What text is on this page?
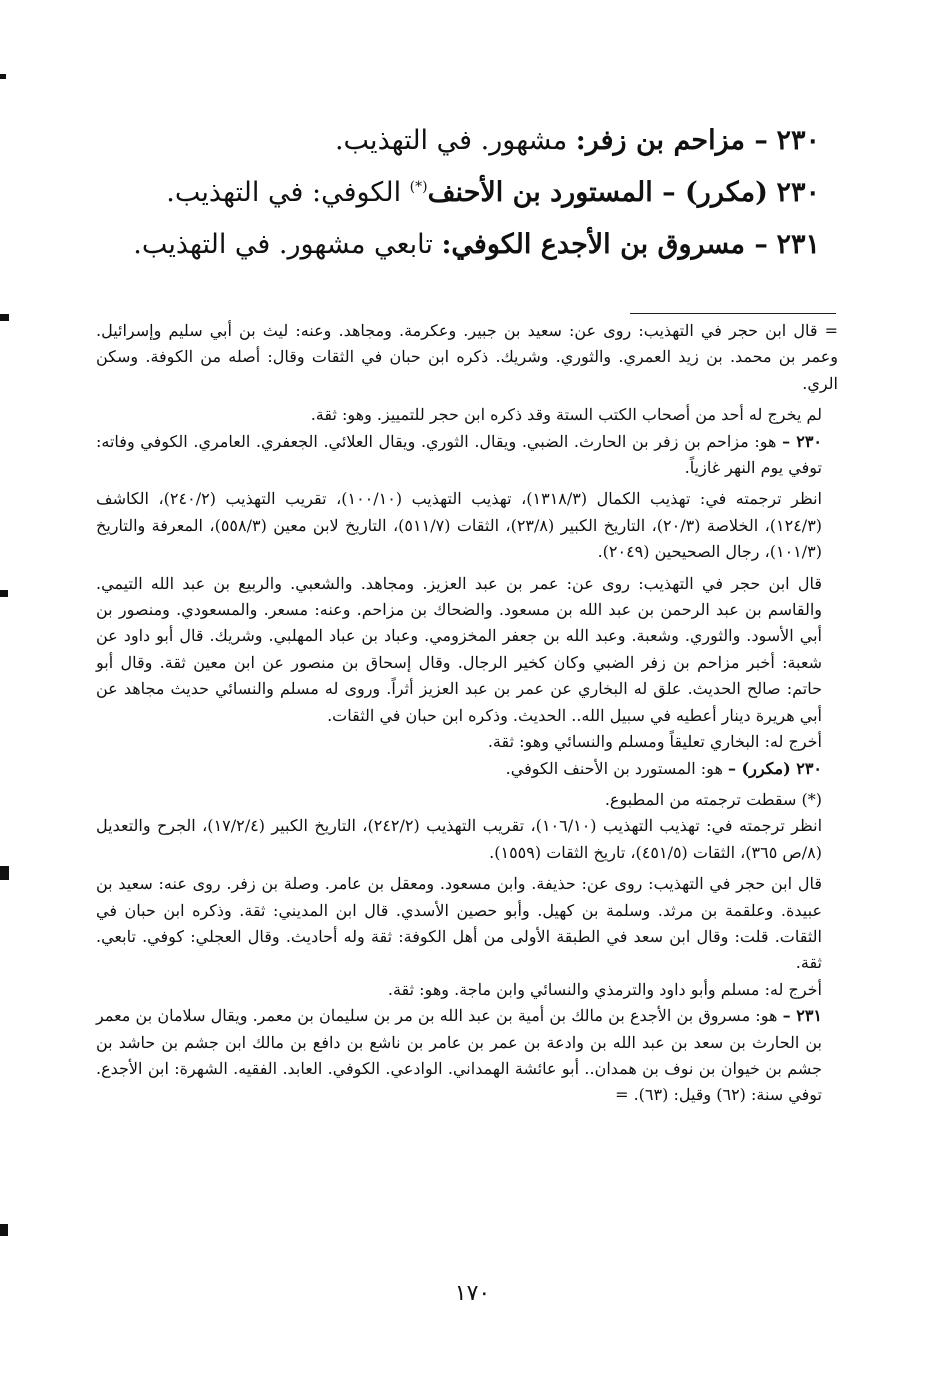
٢٣٠ – مزاحم بن زفر: مشهور. في التهذيب.
٢٣٠ (مكرر) – المستورد بن الأحنف(*) الكوفي: في التهذيب.
٢٣١ – مسروق بن الأجدع الكوفي: تابعي مشهور. في التهذيب.

= قال ابن حجر في التهذيب: روى عن: سعيد بن جبير. وعكرمة. ومجاهد. وعنه: ليث بن أبي سليم وإسرائيل. وعمر بن محمد. بن زيد العمري. والثوري. وشريك. ذكره ابن حبان في الثقات وقال: أصله من الكوفة. وسكن الري.

لم يخرج له أحد من أصحاب الكتب الستة وقد ذكره ابن حجر للتمييز. وهو: ثقة.

٢٣٠ – هو: مزاحم بن زفر بن الحارث. الضبي. ويقال. الثوري. ويقال العلائي. الجعفري. العامري. الكوفي وفاته: توفي يوم النهر غازياً.

انظر ترجمته في: تهذيب الكمال (١٣١٨/٣)، تهذيب التهذيب (١٠٠/١٠)، تقريب التهذيب (٢٤٠/٢)، الكاشف (١٢٤/٣)، الخلاصة (٢٠/٣)، التاريخ الكبير (٢٣/٨)، الثقات (٥١١/٧)، التاريخ لابن معين (٥٥٨/٣)، المعرفة والتاريخ (١٠١/٣)، رجال الصحيحين (٢٠٤٩).

قال ابن حجر في التهذيب: روى عن: عمر بن عبد العزيز. ومجاهد. والشعبي. والربيع بن عبد الله التيمي. والقاسم بن عبد الرحمن بن عبد الله بن مسعود. والضحاك بن مزاحم. وعنه: مسعر. والمسعودي. ومنصور بن أبي الأسود. والثوري. وشعبة. وعبد الله بن جعفر المخزومي. وعباد بن عباد المهلبي. وشريك. قال أبو داود عن شعبة: أخبر مزاحم بن زفر الضبي وكان كخير الرجال. وقال إسحاق بن منصور عن ابن معين ثقة. وقال أبو حاتم: صالح الحديث. علق له البخاري عن عمر بن عبد العزيز أثراً. وروى له مسلم والنسائي حديث مجاهد عن أبي هريرة دينار أعطيه في سبيل الله.. الحديث. وذكره ابن حبان في الثقات.

أخرج له: البخاري تعليقاً ومسلم والنسائي وهو: ثقة.

٢٣٠ (مكرر) – هو: المستورد بن الأحنف الكوفي.

(*) سقطت ترجمته من المطبوع.

انظر ترجمته في: تهذيب التهذيب (١٠٦/١٠)، تقريب التهذيب (٢٤٢/٢)، التاريخ الكبير (١٧/٢/٤)، الجرح والتعديل (٨/ص ٣٦٥)، الثقات (٤٥١/٥)، تاريخ الثقات (١٥٥٩).

قال ابن حجر في التهذيب: روى عن: حذيفة. وابن مسعود. ومعقل بن عامر. وصلة بن زفر. روى عنه: سعيد بن عبيدة. وعلقمة بن مرثد. وسلمة بن كهيل. وأبو حصين الأسدي. قال ابن المديني: ثقة. وذكره ابن حبان في الثقات. قلت: وقال ابن سعد في الطبقة الأولى من أهل الكوفة: ثقة وله أحاديث. وقال العجلي: كوفي. تابعي. ثقة.

أخرج له: مسلم وأبو داود والترمذي والنسائي وابن ماجة. وهو: ثقة.

٢٣١ – هو: مسروق بن الأجدع بن مالك بن أمية بن عبد الله بن مر بن سليمان بن معمر. ويقال سلامان بن معمر بن الحارث بن سعد بن عبد الله بن وادعة بن عمر بن عامر بن ناشع بن دافع بن مالك ابن جشم بن حاشد بن جشم بن خيوان بن نوف بن همدان.. أبو عائشة الهمداني. الوادعي. الكوفي. العابد. الفقيه. الشهرة: ابن الأجدع. توفي سنة: (٦٢) وقيل: (٦٣). =

١٧٠
